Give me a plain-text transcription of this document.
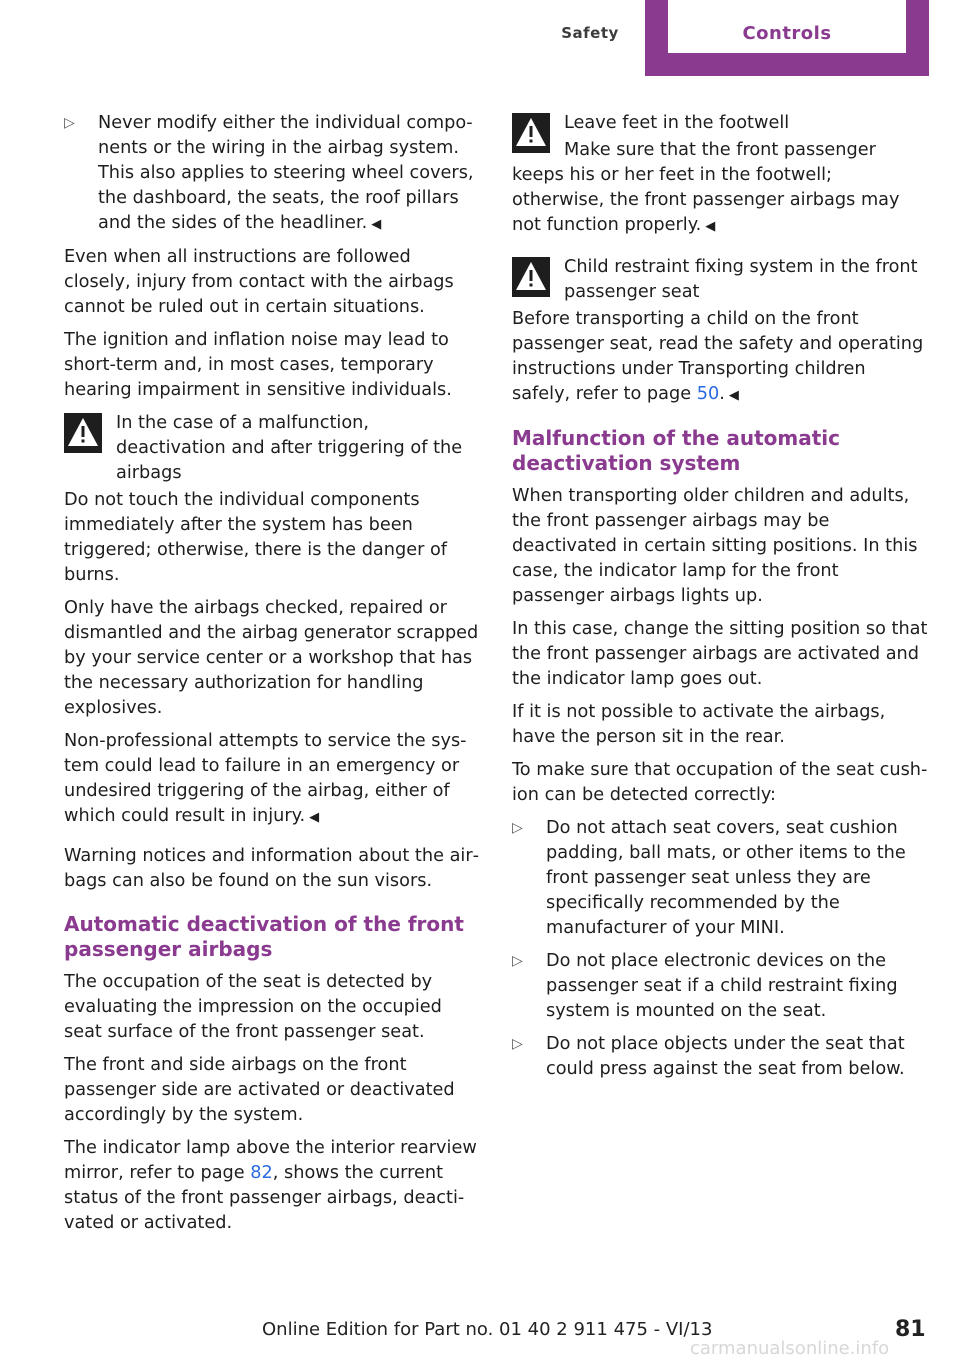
Safety	Controls
▷ Never modify either the individual components or the wiring in the airbag system. This also applies to steering wheel covers, the dashboard, the seats, the roof pillars and the sides of the headliner. ◀

Even when all instructions are followed closely, injury from contact with the airbags cannot be ruled out in certain situations.

The ignition and inflation noise may lead to short-term and, in most cases, temporary hearing impairment in sensitive individuals.

In the case of a malfunction, deactivation and after triggering of the airbags

Do not touch the individual components immediately after the system has been triggered; otherwise, there is the danger of burns.

Only have the airbags checked, repaired or dismantled and the airbag generator scrapped by your service center or a workshop that has the necessary authorization for handling explosives.

Non-professional attempts to service the system could lead to failure in an emergency or undesired triggering of the airbag, either of which could result in injury. ◀

Warning notices and information about the airbags can also be found on the sun visors.

Automatic deactivation of the front passenger airbags

The occupation of the seat is detected by evaluating the impression on the occupied seat surface of the front passenger seat.

The front and side airbags on the front passenger side are activated or deactivated accordingly by the system.

The indicator lamp above the interior rearview mirror, refer to page 82, shows the current status of the front passenger airbags, deactivated or activated.

Leave feet in the footwell

Make sure that the front passenger keeps his or her feet in the footwell; otherwise, the front passenger airbags may not function properly. ◀

Child restraint fixing system in the front passenger seat

Before transporting a child on the front passenger seat, read the safety and operating instructions under Transporting children safely, refer to page 50. ◀

Malfunction of the automatic deactivation system

When transporting older children and adults, the front passenger airbags may be deactivated in certain sitting positions. In this case, the indicator lamp for the front passenger airbags lights up.

In this case, change the sitting position so that the front passenger airbags are activated and the indicator lamp goes out.

If it is not possible to activate the airbags, have the person sit in the rear.

To make sure that occupation of the seat cushion can be detected correctly:

▷ Do not attach seat covers, seat cushion padding, ball mats, or other items to the front passenger seat unless they are specifically recommended by the manufacturer of your MINI.
▷ Do not place electronic devices on the passenger seat if a child restraint fixing system is mounted on the seat.
▷ Do not place objects under the seat that could press against the seat from below.
Online Edition for Part no. 01 40 2 911 475 - VI/13	81
carmanualsonline.info
